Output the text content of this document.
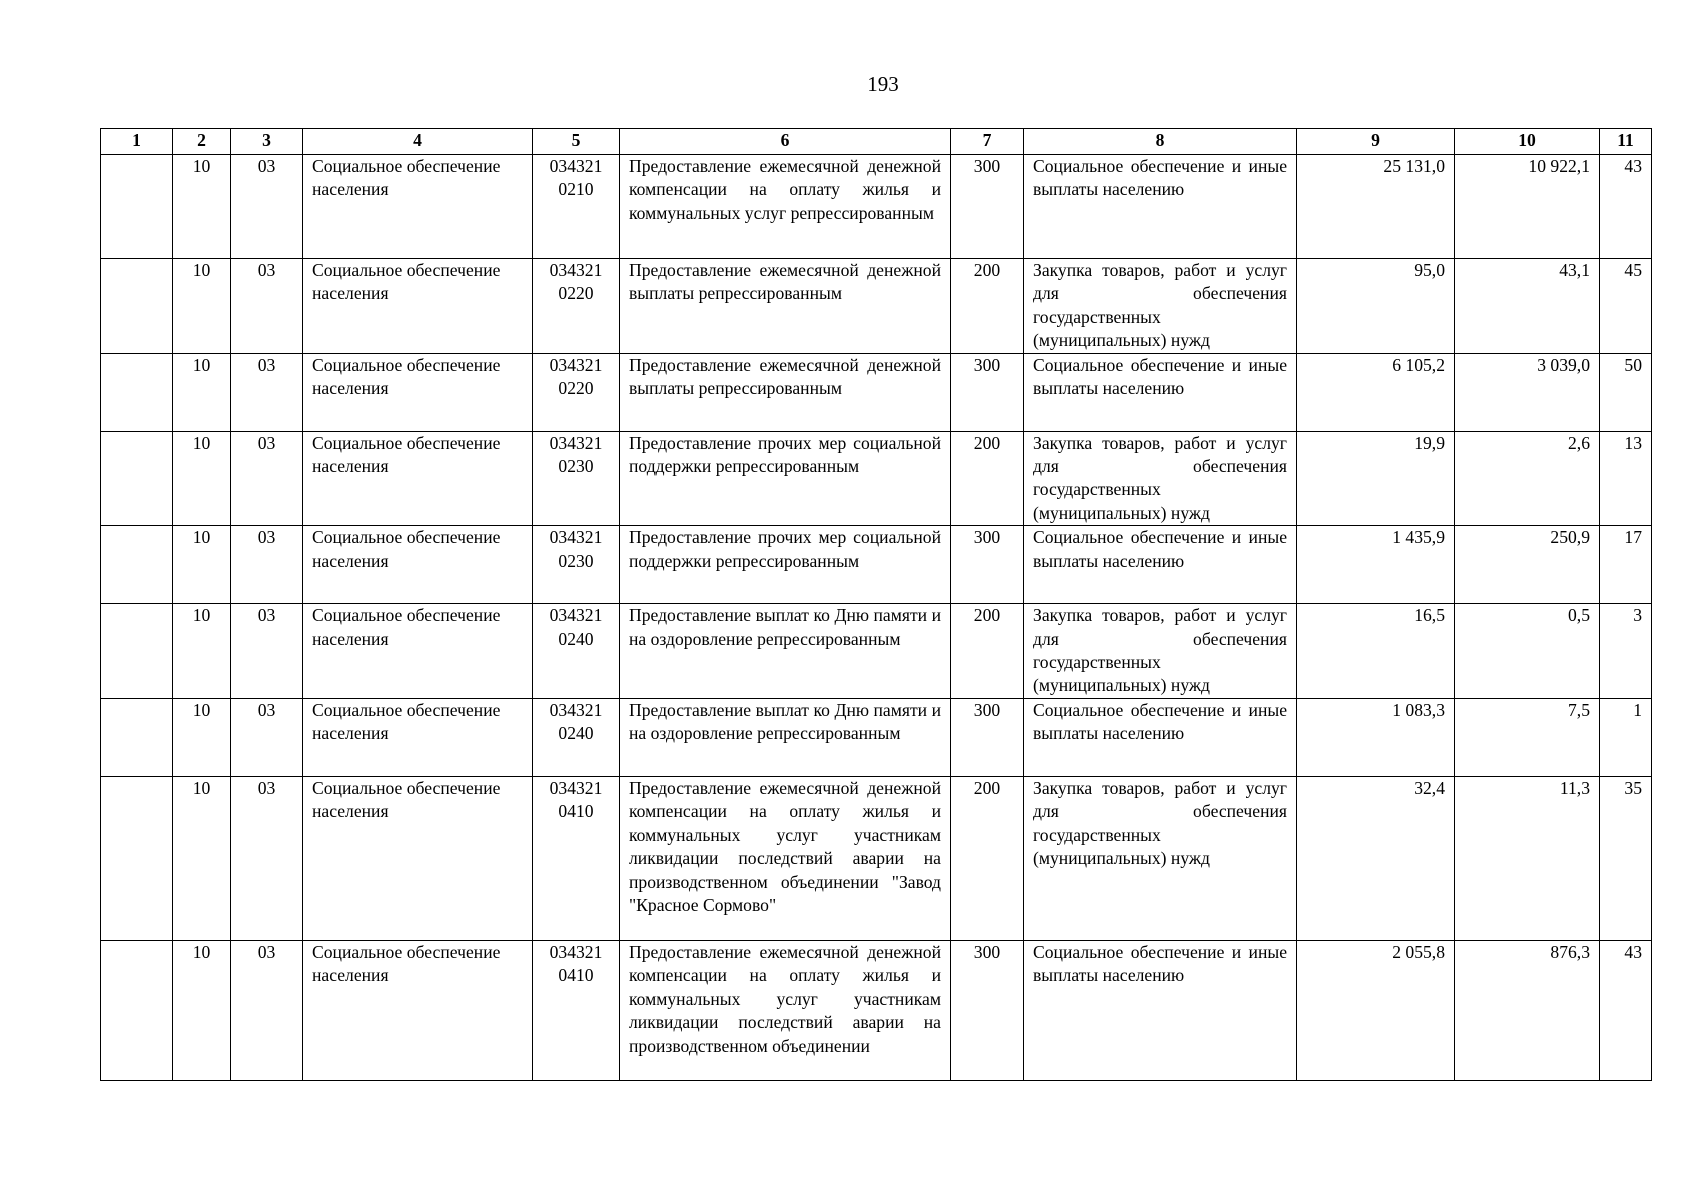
193
1	2	3	4	5	6	7	8	9	10	11
	10	03	Социальное обеспечение населения	034321 0210	Предоставление ежемесячной денежной компенсации на оплату жилья и коммунальных услуг репрессированным	300	Социальное обеспечение и иные выплаты населению	25 131,0	10 922,1	43
	10	03	Социальное обеспечение населения	034321 0220	Предоставление ежемесячной денежной выплаты репрессированным	200	Закупка товаров, работ и услуг для обеспечения государственных (муниципальных) нужд	95,0	43,1	45
	10	03	Социальное обеспечение населения	034321 0220	Предоставление ежемесячной денежной выплаты репрессированным	300	Социальное обеспечение и иные выплаты населению	6 105,2	3 039,0	50
	10	03	Социальное обеспечение населения	034321 0230	Предоставление прочих мер социальной поддержки репрессированным	200	Закупка товаров, работ и услуг для обеспечения государственных (муниципальных) нужд	19,9	2,6	13
	10	03	Социальное обеспечение населения	034321 0230	Предоставление прочих мер социальной поддержки репрессированным	300	Социальное обеспечение и иные выплаты населению	1 435,9	250,9	17
	10	03	Социальное обеспечение населения	034321 0240	Предоставление выплат ко Дню памяти и на оздоровление репрессированным	200	Закупка товаров, работ и услуг для обеспечения государственных (муниципальных) нужд	16,5	0,5	3
	10	03	Социальное обеспечение населения	034321 0240	Предоставление выплат ко Дню памяти и на оздоровление репрессированным	300	Социальное обеспечение и иные выплаты населению	1 083,3	7,5	1
	10	03	Социальное обеспечение населения	034321 0410	Предоставление ежемесячной денежной компенсации на оплату жилья и коммунальных услуг участникам ликвидации последствий аварии на производственном объединении "Завод "Красное Сормово"	200	Закупка товаров, работ и услуг для обеспечения государственных (муниципальных) нужд	32,4	11,3	35
	10	03	Социальное обеспечение населения	034321 0410	Предоставление ежемесячной денежной компенсации на оплату жилья и коммунальных услуг участникам ликвидации последствий аварии на производственном объединении	300	Социальное обеспечение и иные выплаты населению	2 055,8	876,3	43
